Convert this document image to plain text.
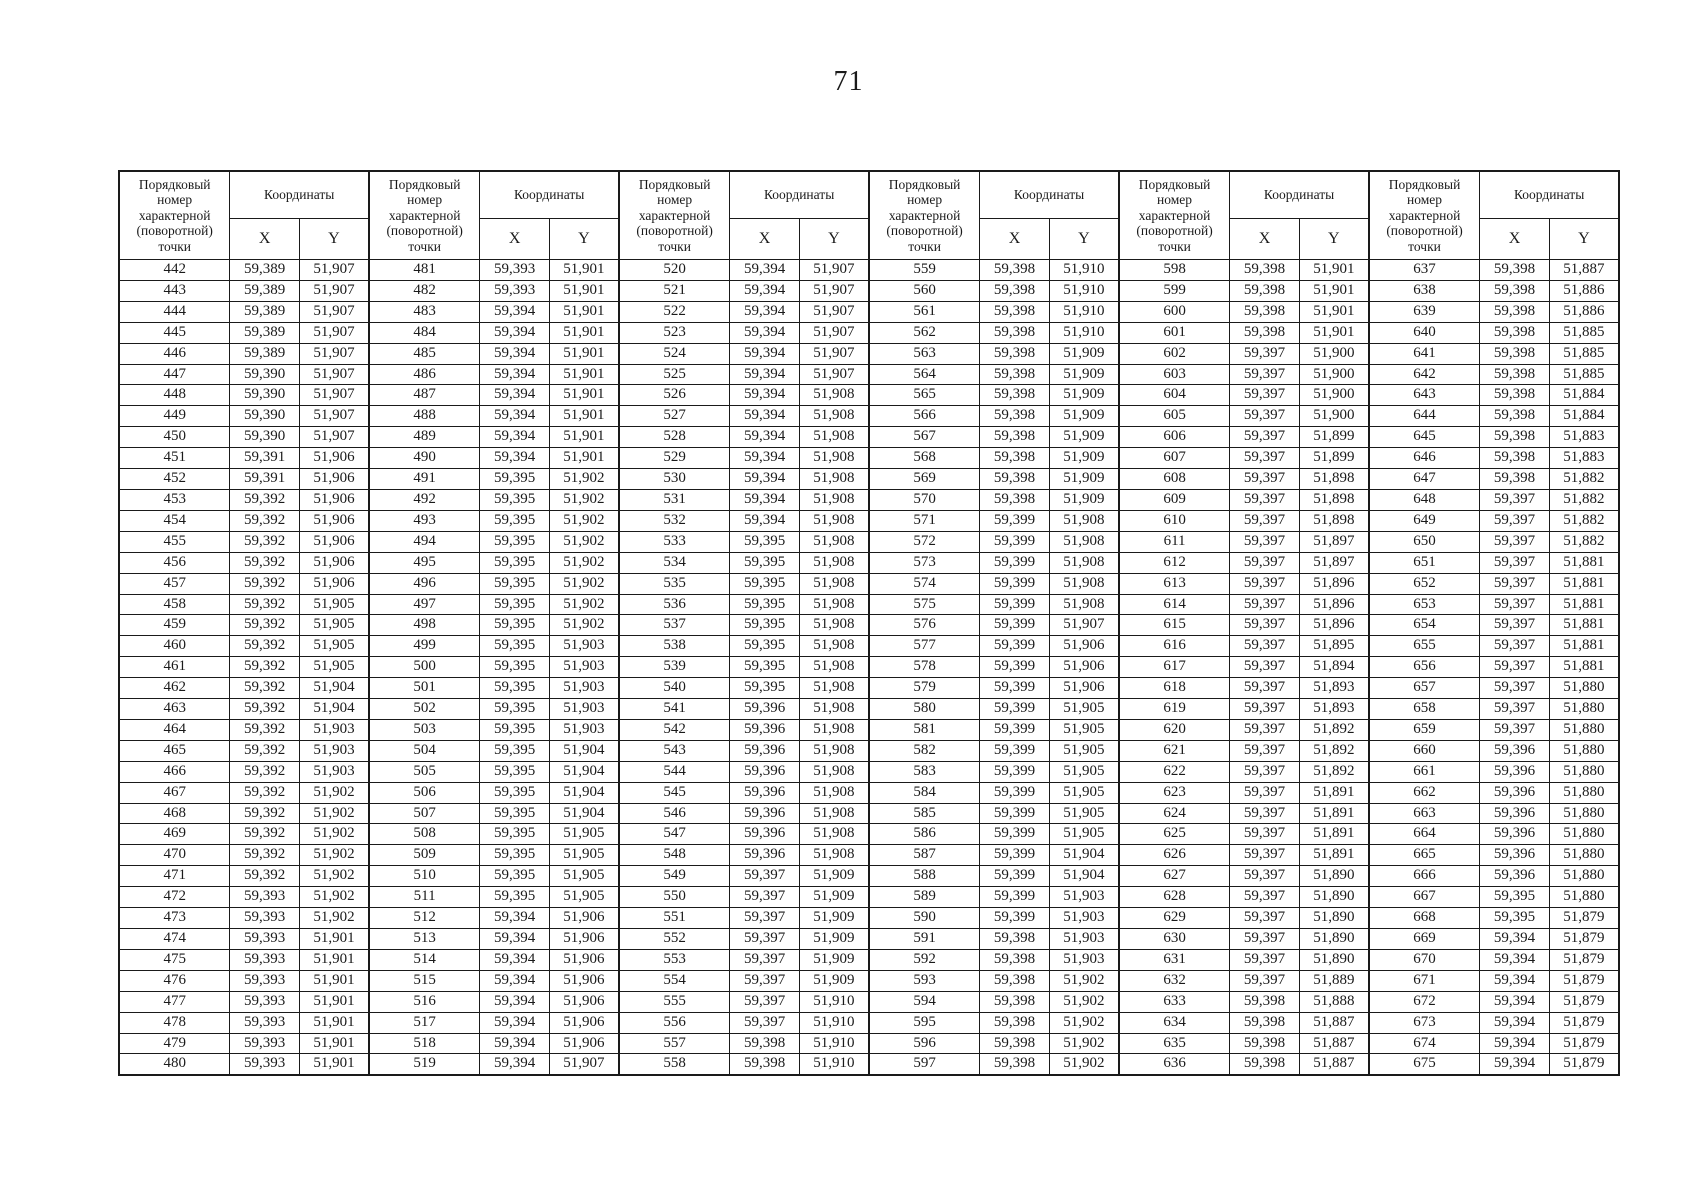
71
Порядковый номер характерной (поворотной) точки	Координаты		Порядковый номер характерной (поворотной) точки	Координаты		Порядковый номер характерной (поворотной) точки	Координаты		Порядковый номер характерной (поворотной) точки	Координаты		Порядковый номер характерной (поворотной) точки	Координаты		Порядковый номер характерной (поворотной) точки	Координаты	
	X	Y		X	Y		X	Y		X	Y		X	Y		X	Y
442	59,389	51,907	481	59,393	51,901	520	59,394	51,907	559	59,398	51,910	598	59,398	51,901	637	59,398	51,887
443	59,389	51,907	482	59,393	51,901	521	59,394	51,907	560	59,398	51,910	599	59,398	51,901	638	59,398	51,886
444	59,389	51,907	483	59,394	51,901	522	59,394	51,907	561	59,398	51,910	600	59,398	51,901	639	59,398	51,886
445	59,389	51,907	484	59,394	51,901	523	59,394	51,907	562	59,398	51,910	601	59,398	51,901	640	59,398	51,885
446	59,389	51,907	485	59,394	51,901	524	59,394	51,907	563	59,398	51,909	602	59,397	51,900	641	59,398	51,885
447	59,390	51,907	486	59,394	51,901	525	59,394	51,907	564	59,398	51,909	603	59,397	51,900	642	59,398	51,885
448	59,390	51,907	487	59,394	51,901	526	59,394	51,908	565	59,398	51,909	604	59,397	51,900	643	59,398	51,884
449	59,390	51,907	488	59,394	51,901	527	59,394	51,908	566	59,398	51,909	605	59,397	51,900	644	59,398	51,884
450	59,390	51,907	489	59,394	51,901	528	59,394	51,908	567	59,398	51,909	606	59,397	51,899	645	59,398	51,883
451	59,391	51,906	490	59,394	51,901	529	59,394	51,908	568	59,398	51,909	607	59,397	51,899	646	59,398	51,883
452	59,391	51,906	491	59,395	51,902	530	59,394	51,908	569	59,398	51,909	608	59,397	51,898	647	59,398	51,882
453	59,392	51,906	492	59,395	51,902	531	59,394	51,908	570	59,398	51,909	609	59,397	51,898	648	59,397	51,882
454	59,392	51,906	493	59,395	51,902	532	59,394	51,908	571	59,399	51,908	610	59,397	51,898	649	59,397	51,882
455	59,392	51,906	494	59,395	51,902	533	59,395	51,908	572	59,399	51,908	611	59,397	51,897	650	59,397	51,882
456	59,392	51,906	495	59,395	51,902	534	59,395	51,908	573	59,399	51,908	612	59,397	51,897	651	59,397	51,881
457	59,392	51,906	496	59,395	51,902	535	59,395	51,908	574	59,399	51,908	613	59,397	51,896	652	59,397	51,881
458	59,392	51,905	497	59,395	51,902	536	59,395	51,908	575	59,399	51,908	614	59,397	51,896	653	59,397	51,881
459	59,392	51,905	498	59,395	51,902	537	59,395	51,908	576	59,399	51,907	615	59,397	51,896	654	59,397	51,881
460	59,392	51,905	499	59,395	51,903	538	59,395	51,908	577	59,399	51,906	616	59,397	51,895	655	59,397	51,881
461	59,392	51,905	500	59,395	51,903	539	59,395	51,908	578	59,399	51,906	617	59,397	51,894	656	59,397	51,881
462	59,392	51,904	501	59,395	51,903	540	59,395	51,908	579	59,399	51,906	618	59,397	51,893	657	59,397	51,880
463	59,392	51,904	502	59,395	51,903	541	59,396	51,908	580	59,399	51,905	619	59,397	51,893	658	59,397	51,880
464	59,392	51,903	503	59,395	51,903	542	59,396	51,908	581	59,399	51,905	620	59,397	51,892	659	59,397	51,880
465	59,392	51,903	504	59,395	51,904	543	59,396	51,908	582	59,399	51,905	621	59,397	51,892	660	59,396	51,880
466	59,392	51,903	505	59,395	51,904	544	59,396	51,908	583	59,399	51,905	622	59,397	51,892	661	59,396	51,880
467	59,392	51,902	506	59,395	51,904	545	59,396	51,908	584	59,399	51,905	623	59,397	51,891	662	59,396	51,880
468	59,392	51,902	507	59,395	51,904	546	59,396	51,908	585	59,399	51,905	624	59,397	51,891	663	59,396	51,880
469	59,392	51,902	508	59,395	51,905	547	59,396	51,908	586	59,399	51,905	625	59,397	51,891	664	59,396	51,880
470	59,392	51,902	509	59,395	51,905	548	59,396	51,908	587	59,399	51,904	626	59,397	51,891	665	59,396	51,880
471	59,392	51,902	510	59,395	51,905	549	59,397	51,909	588	59,399	51,904	627	59,397	51,890	666	59,396	51,880
472	59,393	51,902	511	59,395	51,905	550	59,397	51,909	589	59,399	51,903	628	59,397	51,890	667	59,395	51,880
473	59,393	51,902	512	59,394	51,906	551	59,397	51,909	590	59,399	51,903	629	59,397	51,890	668	59,395	51,879
474	59,393	51,901	513	59,394	51,906	552	59,397	51,909	591	59,398	51,903	630	59,397	51,890	669	59,394	51,879
475	59,393	51,901	514	59,394	51,906	553	59,397	51,909	592	59,398	51,903	631	59,397	51,890	670	59,394	51,879
476	59,393	51,901	515	59,394	51,906	554	59,397	51,909	593	59,398	51,902	632	59,397	51,889	671	59,394	51,879
477	59,393	51,901	516	59,394	51,906	555	59,397	51,910	594	59,398	51,902	633	59,398	51,888	672	59,394	51,879
478	59,393	51,901	517	59,394	51,906	556	59,397	51,910	595	59,398	51,902	634	59,398	51,887	673	59,394	51,879
479	59,393	51,901	518	59,394	51,906	557	59,398	51,910	596	59,398	51,902	635	59,398	51,887	674	59,394	51,879
480	59,393	51,901	519	59,394	51,907	558	59,398	51,910	597	59,398	51,902	636	59,398	51,887	675	59,394	51,879
